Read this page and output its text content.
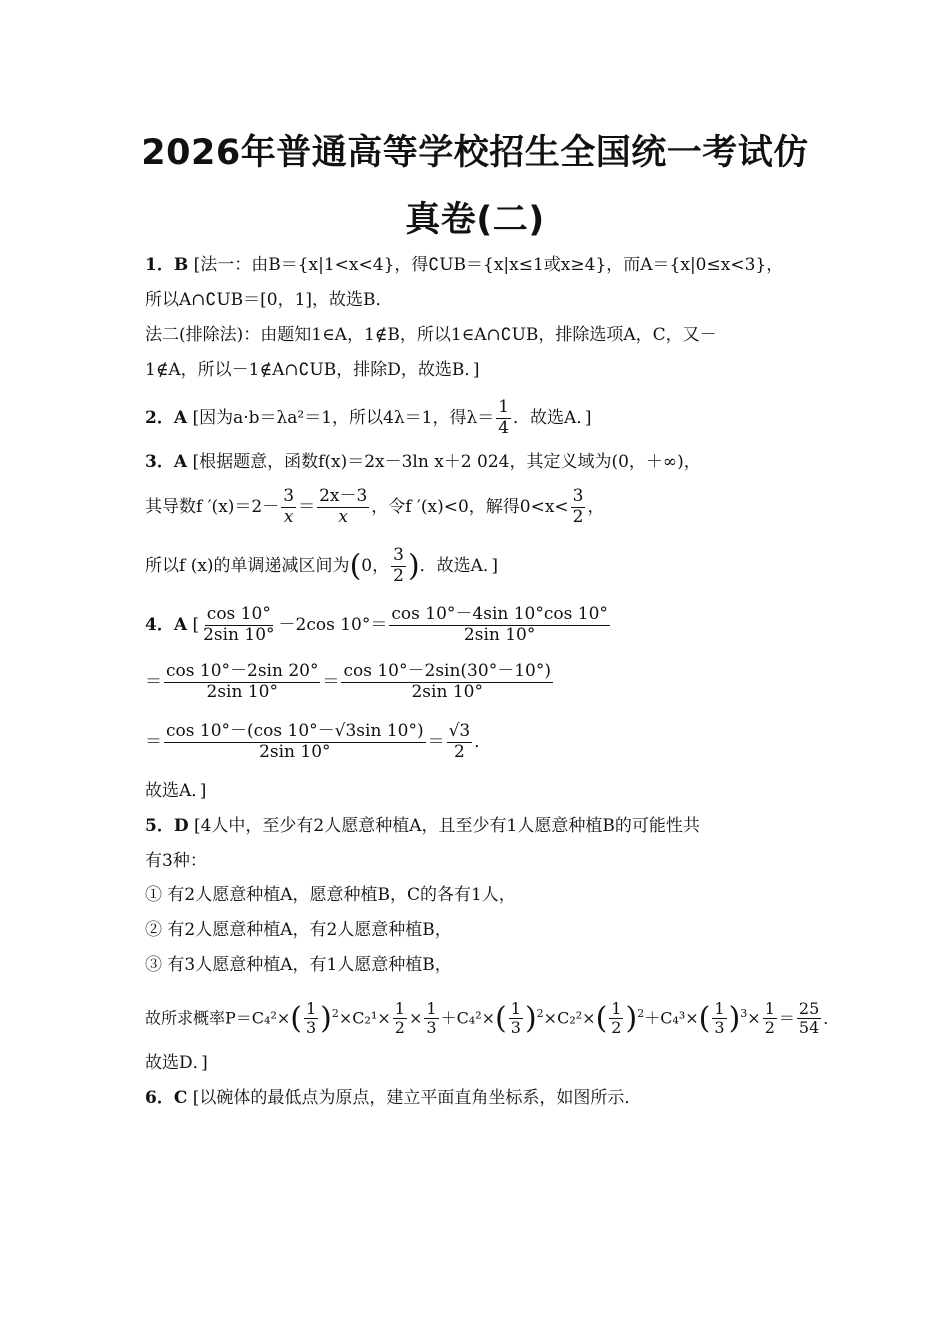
2026年普通高等学校招生全国统一考试仿
真卷(二)
1．B [法一：由B＝{x|1<x<4}，得∁UB＝{x|x≤1或x≥4}，而A＝{x|0≤x<3}，
所以A∩∁UB＝[0，1]，故选B．
法二(排除法)：由题知1∈A，1∉B，所以1∈A∩∁UB，排除选项A，C，又－
1∉A，所以－1∉A∩∁UB，排除D，故选B．]
2．A [因为a·b＝λa²＝1，所以4λ＝1，得$\lambda= \frac{1}{4}$ ．故选A．]
3．A [根据题意，函数f(x)＝2x－3ln x＋2 024，其定义域为(0，＋∞)，
其导数f $'(x)=2- \frac{3}{x} = \frac{2x-3}{x}$ ，令f ′(x)<0，解得$0<x< \frac{3}{2}$ ，
所以f (x)的单调递减区间为(0， $\frac{3}{2}$ )．故选A．]
4．A [ $\frac{\cos 10^\circ}{2\sin 10^\circ} -2\cos$ $10^\circ= \frac{\cos 10^\circ-4\sin 10^\circ\cos 10^\circ}{2\sin 10^\circ}$
＝ $\frac{\cos 10^\circ-2\sin 20^\circ}{2\sin 10^\circ} = \frac{\cos 10^\circ-2\sin(30^\circ-10^\circ)}{2\sin 10^\circ}$
＝ $\frac{\cos 10^\circ-(\cos 10^\circ-√3\sin 10^\circ)}{2\sin 10^\circ} = \frac{√3}{2}$ ．
故选A．]
5．D [4人中，至少有2人愿意种植A，且至少有1人愿意种植B的可能性共
有3种：
① 有2人愿意种植A，愿意种植B，C的各有1人，
② 有2人愿意种植A，有2人愿意种植B，
③ 有3人愿意种植A，有1人愿意种植B，
故所求概率$P=C_4^2\times( \frac{1}{3} )^2\times C_2^1\times \frac{1}{2} \times \frac{1}{3} +C_4^2\times( \frac{1}{3} )^2\times C_2^2\times( \frac{1}{2} )^2+C_4^3\times( \frac{1}{3} )^3\times \frac{1}{2} = \frac{25}{54}$ ．
故选D．]
6．C [以碗体的最低点为原点，建立平面直角坐标系，如图所示．
